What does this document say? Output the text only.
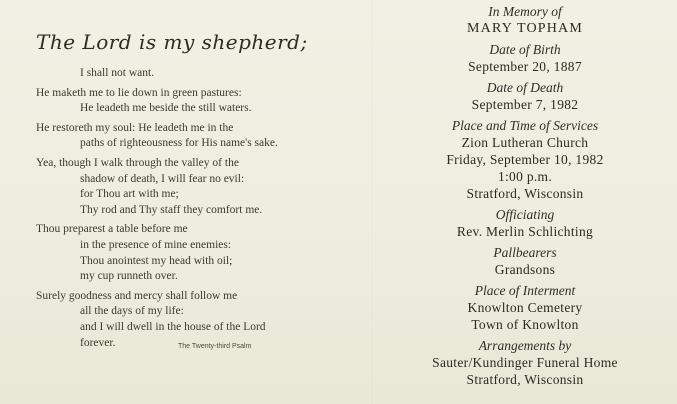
The Lord is my shepherd;
I shall not want.
He maketh me to lie down in green pastures:
He leadeth me beside the still waters.
He restoreth my soul: He leadeth me in the
paths of righteousness for His name's sake.
Yea, though I walk through the valley of the
shadow of death, I will fear no evil:
for Thou art with me;
Thy rod and Thy staff they comfort me.
Thou preparest a table before me
in the presence of mine enemies:
Thou anointest my head with oil;
my cup runneth over.
Surely goodness and mercy shall follow me
all the days of my life:
and I will dwell in the house of the Lord
forever.	The Twenty-third Psalm
In Memory of
MARY TOPHAM
Date of Birth
September 20, 1887
Date of Death
September 7, 1982
Place and Time of Services
Zion Lutheran Church
Friday, September 10, 1982
1:00 p.m.
Stratford, Wisconsin
Officiating
Rev. Merlin Schlichting
Pallbearers
Grandsons
Place of Interment
Knowlton Cemetery
Town of Knowlton
Arrangements by
Sauter/Kundinger Funeral Home
Stratford, Wisconsin
